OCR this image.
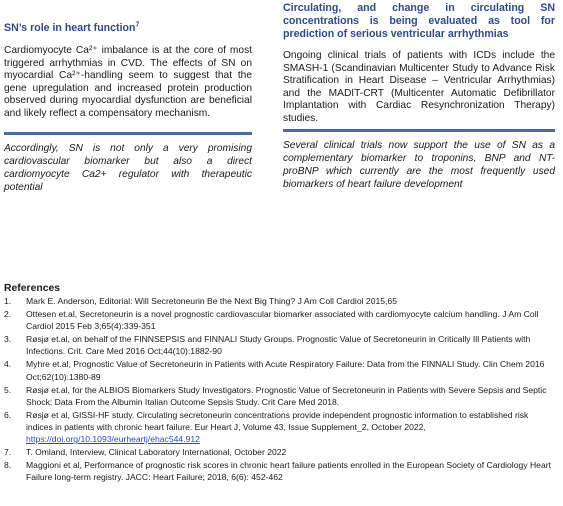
SN’s role in heart function$^7$

Cardiomyocyte Ca²⁺ imbalance is at the core of most triggered arrhythmias in CVD. The effects of SN on myocardial Ca²⁺-handling seem to suggest that the gene upregulation and increased protein production observed during myocardial dysfunction are beneficial and likely reflect a compensatory mechanism.

Accordingly, SN is not only a very promising cardiovascular biomarker but also a direct cardiomyocyte Ca2+ regulator with therapeutic potential

Circulating, and change in circulating SN concentrations is being evaluated as tool for prediction of serious ventricular arrhythmias

Ongoing clinical trials of patients with ICDs include the SMASH-1 (Scandinavian Multicenter Study to Advance Risk Stratification in Heart Disease – Ventricular Arrhythmias) and the MADIT-CRT (Multicenter Automatic Defibrillator Implantation with Cardiac Resynchronization Therapy) studies.

Several clinical trials now support the use of SN as a complementary biomarker to troponins, BNP and NT-proBNP which currently are the most frequently used biomarkers of heart failure development

References

1. Mark E. Anderson, Editorial: Will Secretoneurin Be the Next Big Thing? J Am Coll Cardiol 2015,65
2. Ottesen et.al, Secretoneurin is a novel prognostic cardiovascular biomarker associated with cardiomyocyte calcium handling. J Am Coll Cardiol 2015 Feb 3;65(4):339-351
3. Røsjø et.al, on behalf of the FINNSEPSIS and FINNALI Study Groups. Prognostic Value of Secretoneurin in Critically Ill Patients with Infections. Crit. Care Med 2016 Oct;44(10):1882-90
4. Myhre et.al, Prognostic Value of Secretoneurin in Patients with Acute Respiratory Failure: Data from the FINNALI Study. Clin Chem 2016 Oct;62(10):1380-89
5. Røsjø et.al, for the ALBIOS Biomarkers Study Investigators. Prognostic Value of Secretoneurin in Patients with Severe Sepsis and Septic Shock: Data From the Albumin Italian Outcome Sepsis Study. Crit Care Med 2018.
6. Røsjø et al, GISSI-HF study. Circulating secretoneurin concentrations provide independent prognostic information to established risk indices in patients with chronic heart failure. Eur Heart J, Volume 43, Issue Supplement_2, October 2022, https://doi.org/10.1093/eurheartj/ehac544.912
7. T. Omland, Interview, Clinical Laboratory International, October 2022
8. Maggioni et al, Performance of prognostic risk scores in chronic heart failure patients enrolled in the European Society of Cardiology Heart Failure long-term registry. JACC: Heart Failure; 2018, 6(6): 452-462
